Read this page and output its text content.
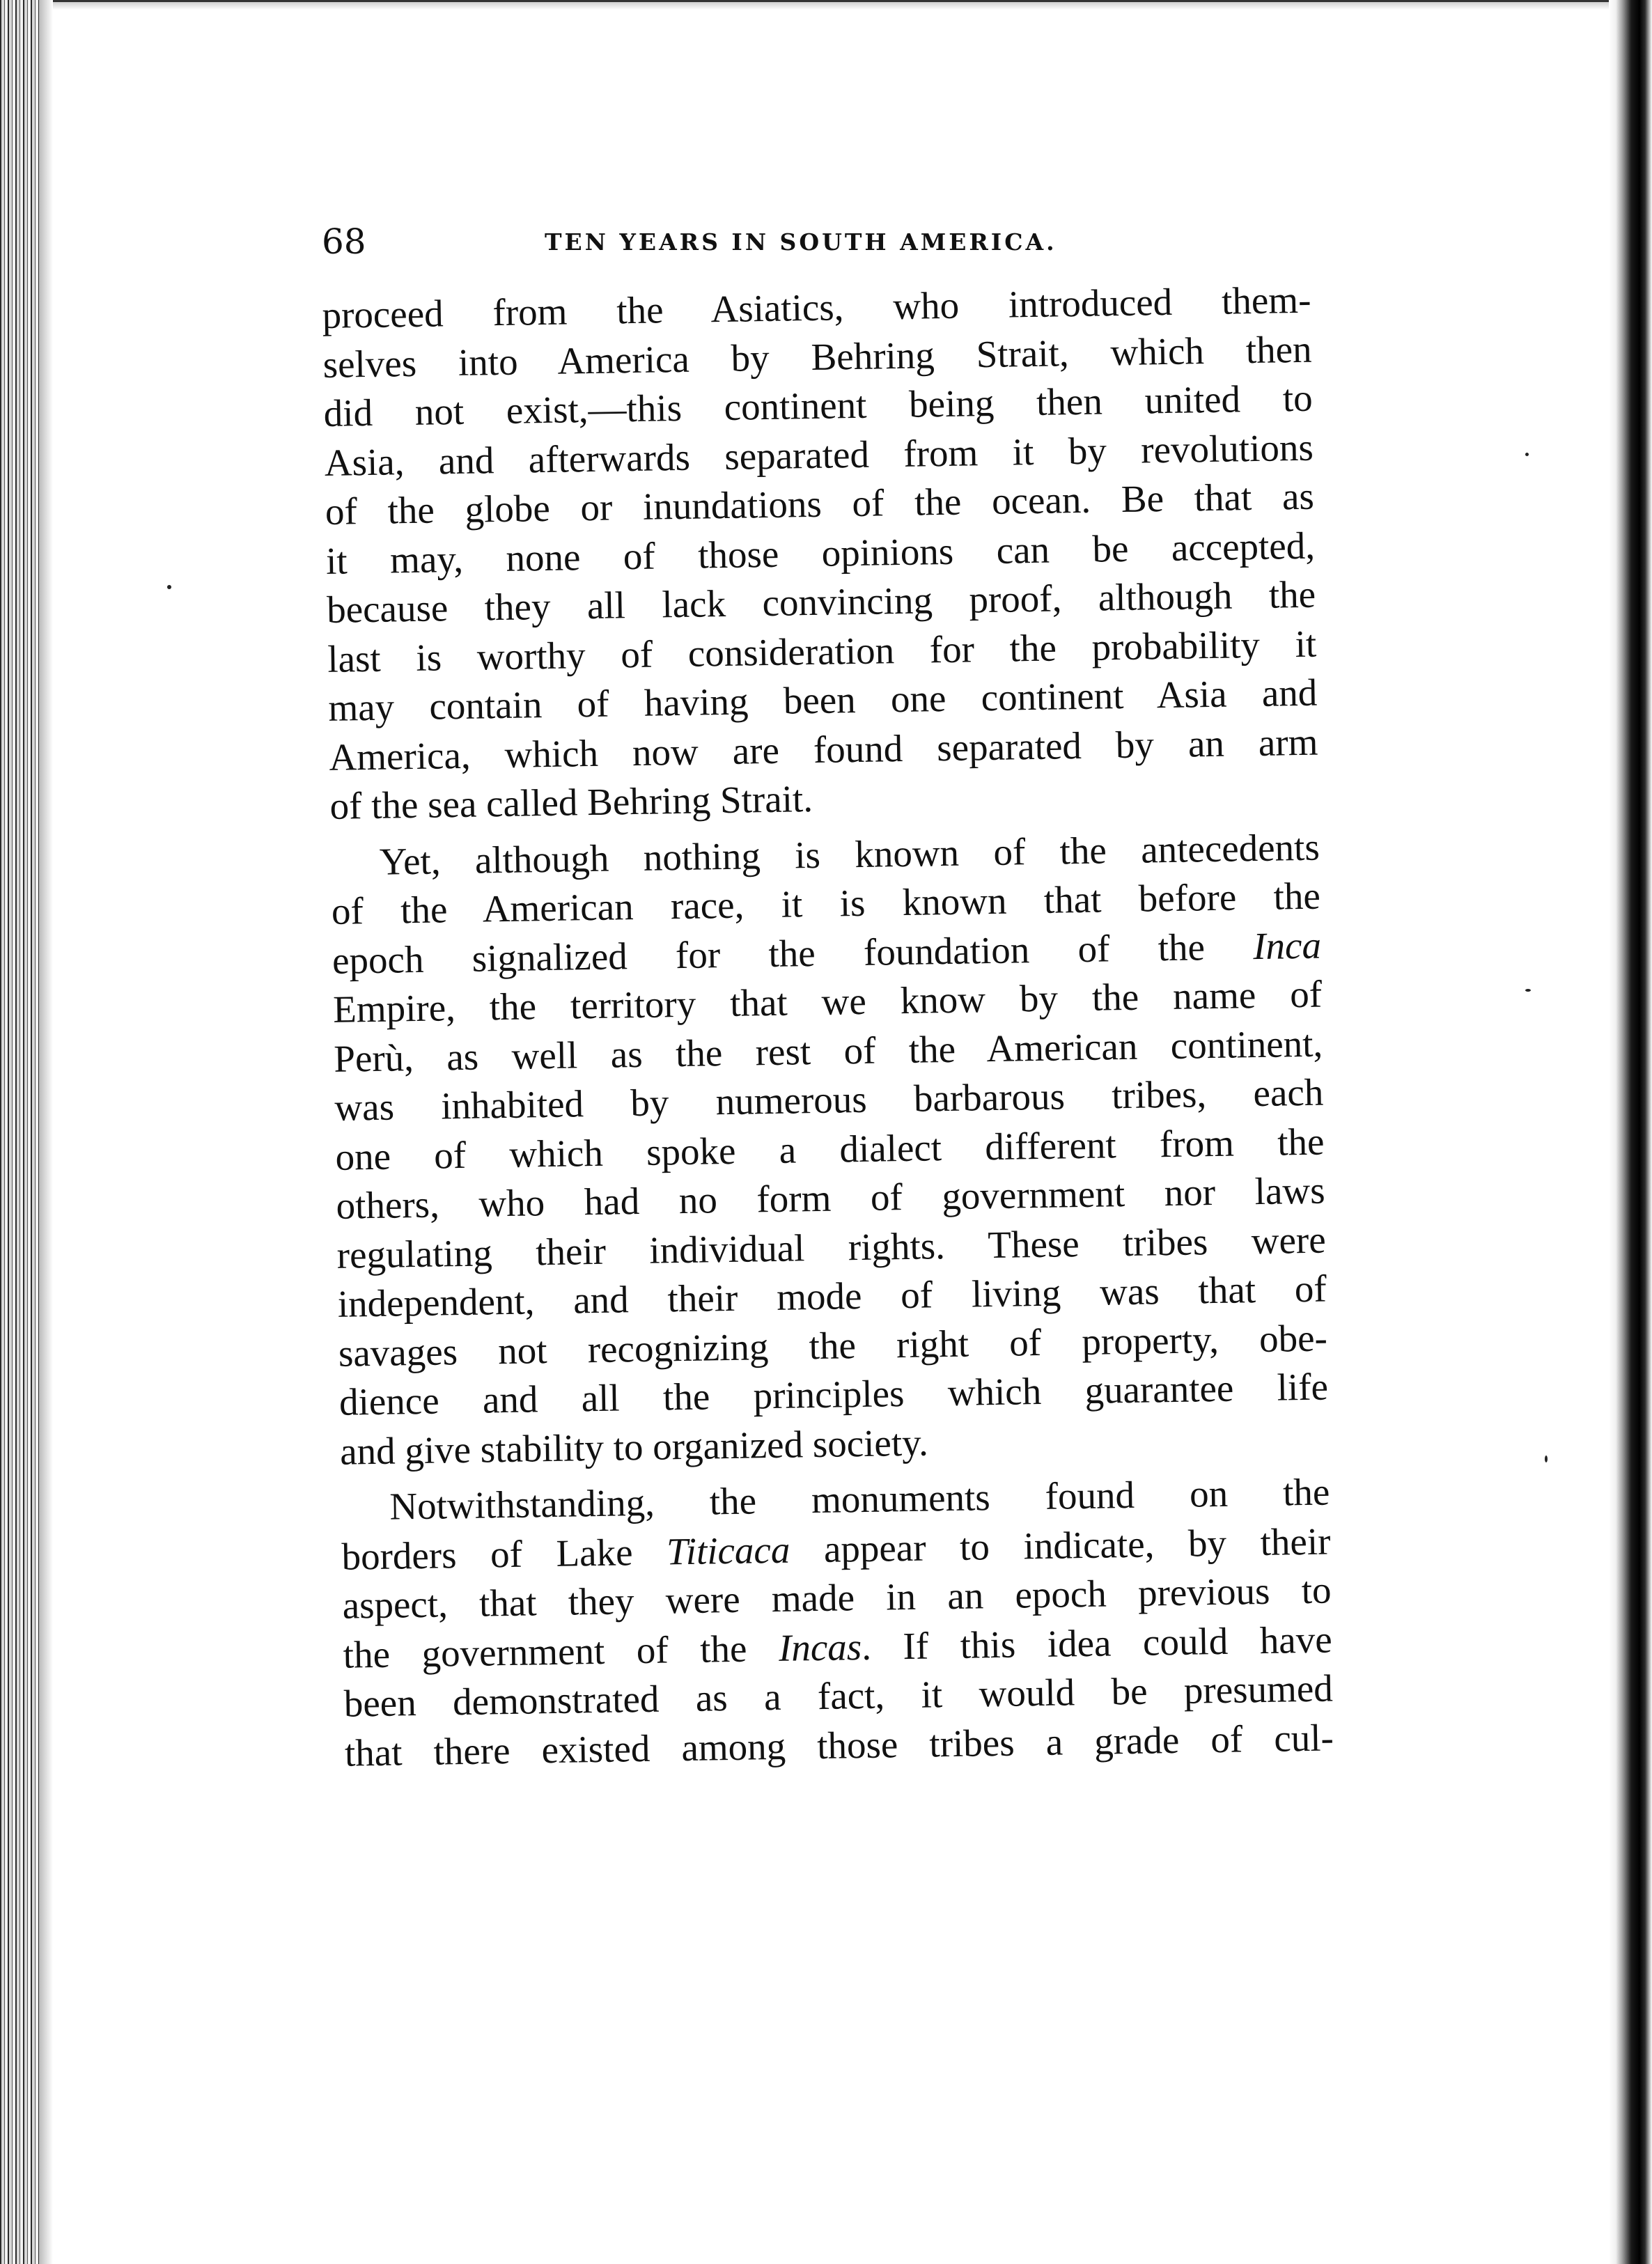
68	TEN YEARS IN SOUTH AMERICA.

proceed from the Asiatics, who introduced them-
selves into America by Behring Strait, which then
did not exist,—this continent being then united to
Asia, and afterwards separated from it by revolutions
of the globe or inundations of the ocean. Be that as
it may, none of those opinions can be accepted,
because they all lack convincing proof, although the
last is worthy of consideration for the probability it
may contain of having been one continent Asia and
America, which now are found separated by an arm
of the sea called Behring Strait.

Yet, although nothing is known of the antecedents
of the American race, it is known that before the
epoch signalized for the foundation of the Inca
Empire, the territory that we know by the name of
Perù, as well as the rest of the American continent,
was inhabited by numerous barbarous tribes, each
one of which spoke a dialect different from the
others, who had no form of government nor laws
regulating their individual rights. These tribes were
independent, and their mode of living was that of
savages not recognizing the right of property, obe-
dience and all the principles which guarantee life
and give stability to organized society.

Notwithstanding, the monuments found on the
borders of Lake Titicaca appear to indicate, by their
aspect, that they were made in an epoch previous to
the government of the Incas. If this idea could have
been demonstrated as a fact, it would be presumed
that there existed among those tribes a grade of cul-
